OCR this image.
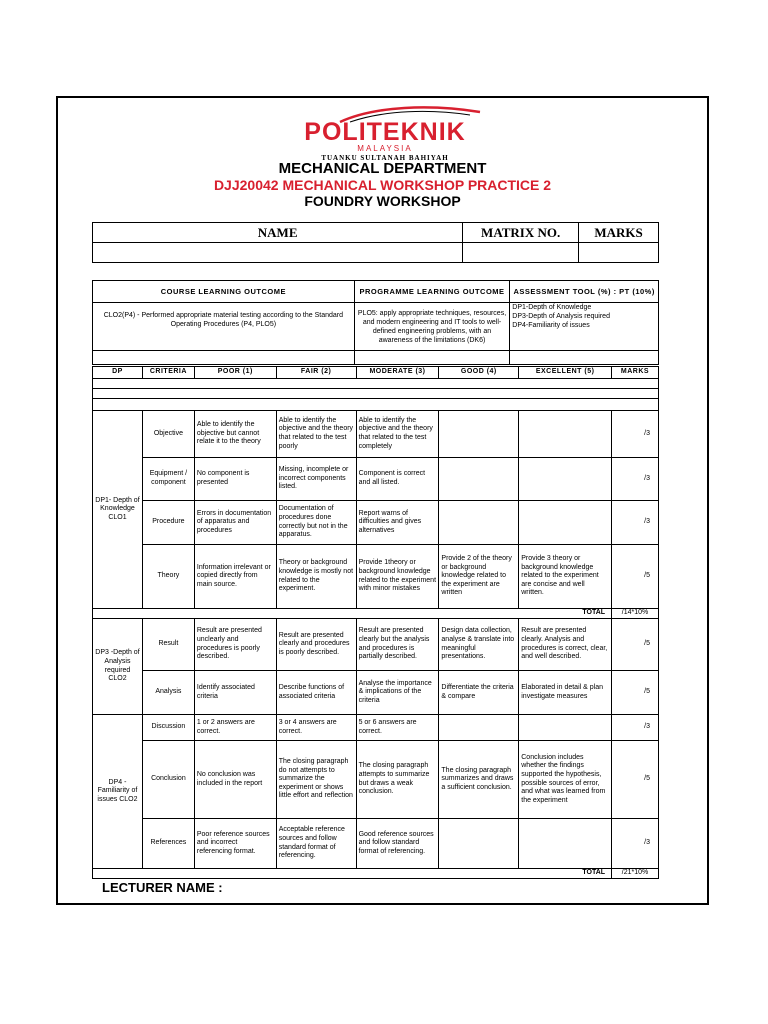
POLITEKNIK
MALAYSIA
TUANKU SULTANAH BAHIYAH
MECHANICAL DEPARTMENT
DJJ20042 MECHANICAL WORKSHOP PRACTICE 2
FOUNDRY WORKSHOP
NAME	MATRIX NO.	MARKS

COURSE LEARNING OUTCOME	PROGRAMME LEARNING OUTCOME	ASSESSMENT TOOL (%) : PT (10%)
CLO2(P4) - Performed appropriate material testing according to the Standard Operating Procedures (P4, PLO5)	PLO5: apply appropriate techniques, resources, and modern engineering and IT tools to well-defined engineering problems, with an awareness of the limitations (DK6)	DP1-Depth of Knowledge
DP3-Depth of Analysis required
DP4-Familiarity of issues

DP	CRITERIA	POOR (1)	FAIR (2)	MODERATE (3)	GOOD (4)	EXCELLENT (5)	MARKS

DP1- Depth of Knowledge CLO1	Objective	Able to identify the objective but cannot relate it to the theory	Able to identify the objective and the theory that related to the test poorly	Able to identify the objective and the theory that related to the test completely			/3
	Equipment / component	No component is presented	Missing, incomplete or incorrect components listed.	Component is correct and all listed.			/3
	Procedure	Errors in documentation of apparatus and procedures	Documentation of procedures done correctly but not in the apparatus.	Report warns of difficulties and gives alternatives			/3
	Theory	Information irrelevant or copied directly from main source.	Theory or background knowledge is mostly not related to the experiment.	Provide 1theory or background knowledge related to the experiment with minor mistakes	Provide 2 of the theory or background knowledge related to the experiment are written	Provide 3 theory or background knowledge related to the experiment are concise and well written.	/5
TOTAL							/14*10%
DP3 -Depth of Analysis required CLO2	Result	Result are presented unclearly and procedures is poorly described.	Result are presented clearly and procedures is poorly described.	Result are presented clearly but the analysis and procedures is partially described.	Design data collection, analyse & translate into meaningful presentations.	Result are presented clearly. Analysis and procedures is correct, clear, and well described.	/5
	Analysis	Identify associated criteria	Describe functions of associated criteria	Analyse the importance & implications of the criteria	Differentiate the criteria & compare	Elaborated in detail & plan investigate measures	/5
DP4 - Familiarity of issues CLO2	Discussion	1 or 2 answers are correct.	3 or 4 answers are correct.	5 or 6 answers are correct.			/3
	Conclusion	No conclusion was included in the report	The closing paragraph do not attempts to summarize the experiment or shows little effort and reflection	The closing paragraph attempts to summarize but draws a weak conclusion.	The closing paragraph summarizes and draws a sufficient conclusion.	Conclusion includes whether the findings supported the hypothesis, possible sources of error, and what was learned from the experiment	/5
	References	Poor reference sources and incorrect referencing format.	Acceptable reference sources and follow standard format of referencing.	Good reference sources and follow standard format of referencing.			/3
TOTAL							/21*10%
LECTURER NAME :
